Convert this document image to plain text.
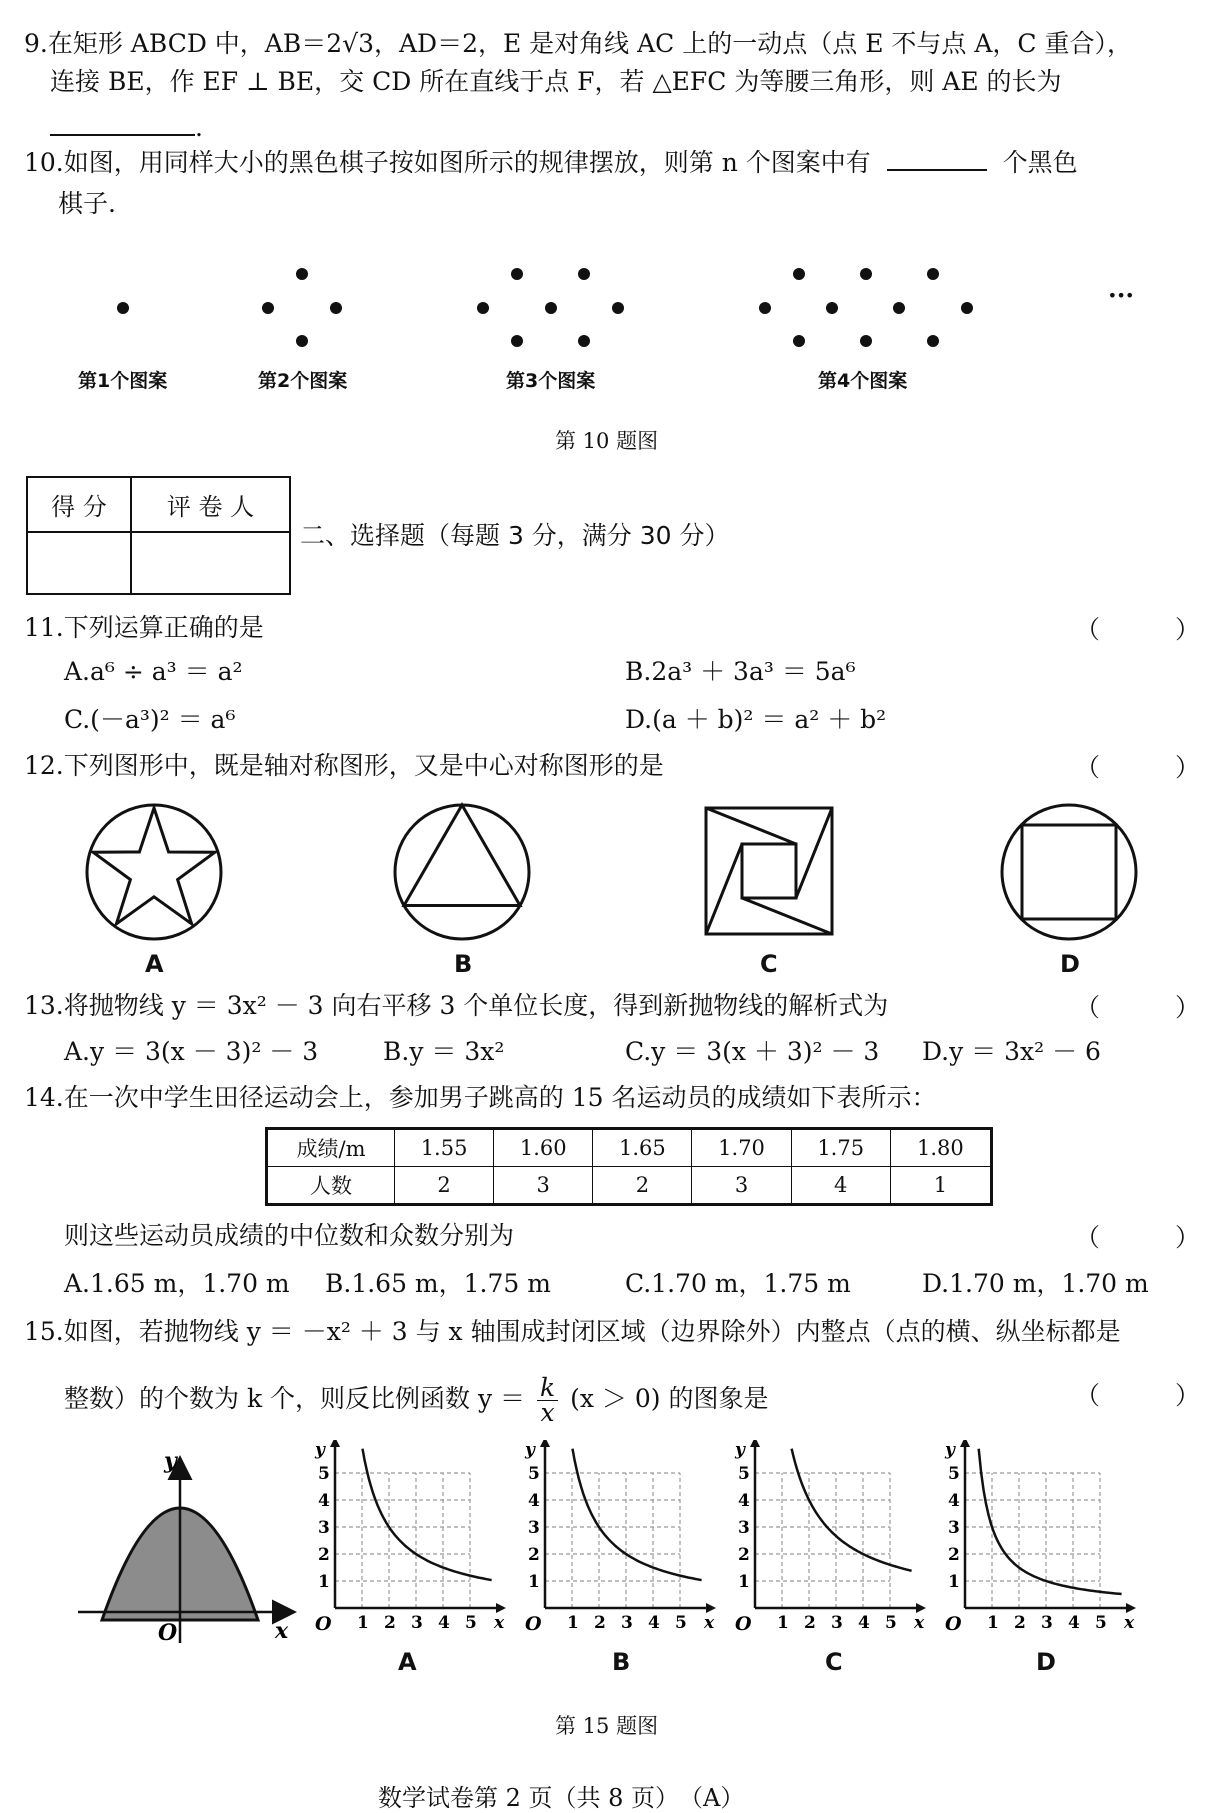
9.在矩形 ABCD 中，AB＝2√3，AD＝2，E 是对角线 AC 上的一动点（点 E 不与点 A，C 重合），
连接 BE，作 EF ⊥ BE，交 CD 所在直线于点 F，若 △EFC 为等腰三角形，则 AE 的长为
.
10.如图，用同样大小的黑色棋子按如图所示的规律摆放，则第 n 个图案中有	个黑色
棋子.
···
第1个图案	第2个图案	第3个图案	第4个图案
第 10 题图
得 分	评 卷 人

二、选择题（每题 3 分，满分 30 分）
11.下列运算正确的是	（　　　）
A.a⁶ ÷ a³ ＝ a²	B.2a³ ＋ 3a³ ＝ 5a⁶
C.(－a³)² ＝ a⁶	D.(a ＋ b)² ＝ a² ＋ b²
12.下列图形中，既是轴对称图形，又是中心对称图形的是	（　　　）
A	B	C	D
13.将抛物线 y ＝ 3x² － 3 向右平移 3 个单位长度，得到新抛物线的解析式为	（　　　）
A.y ＝ 3(x － 3)² － 3	B.y ＝ 3x²	C.y ＝ 3(x ＋ 3)² － 3 D.y ＝ 3x² － 6
14.在一次中学生田径运动会上，参加男子跳高的 15 名运动员的成绩如下表所示：
成绩/m	1.55	1.60	1.65	1.70	1.75	1.80
人数	2	3	2	3	4	1
则这些运动员成绩的中位数和众数分别为	（　　　）
A.1.65 m，1.70 m B.1.65 m，1.75 m	C.1.70 m，1.75 m	D.1.70 m，1.70 m
15.如图，若抛物线 y ＝ －x² ＋ 3 与 x 轴围成封闭区域（边界除外）内整点（点的横、纵坐标都是
整数）的个数为 k 个，则反比例函数 $y = \frac{k}{x} (x > 0)$ 的图象是	（　　　）
y
O	x	1
1
2
2
3
3
4
4
5
5
O	x
y
1
1
2
2
3
3
4
4
5
5
O	x
y
1
1
2
2
3
3
4
4
5
5
O	x
y
1
1
2
2
3
3
4
4
5
5
O	x
y
A	B	C	D
第 15 题图
数学试卷第 2 页（共 8 页）　（A）
